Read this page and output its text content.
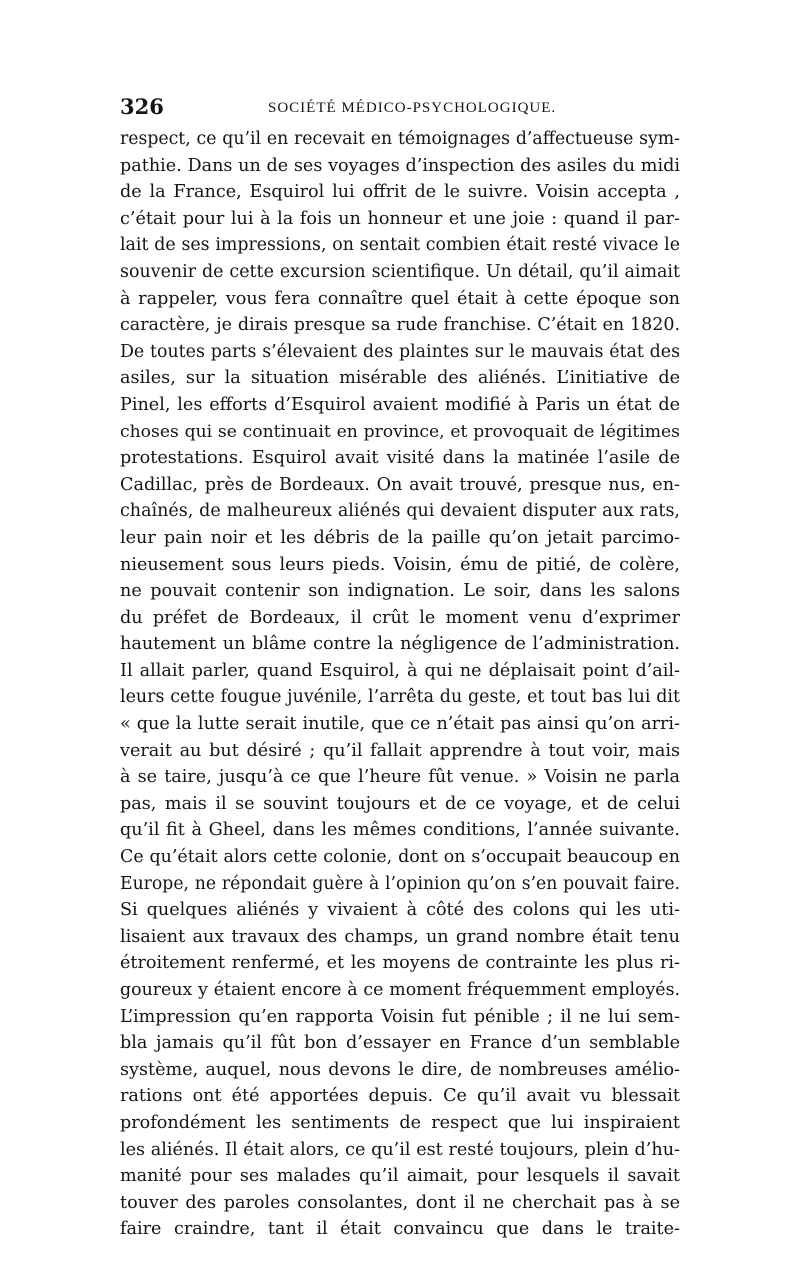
326	SOCIÉTÉ MÉDICO-PSYCHOLOGIQUE.
respect, ce qu’il en recevait en témoignages d’affectueuse sym-
pathie. Dans un de ses voyages d’inspection des asiles du midi
de la France, Esquirol lui offrit de le suivre. Voisin accepta ,
c’était pour lui à la fois un honneur et une joie : quand il par-
lait de ses impressions, on sentait combien était resté vivace le
souvenir de cette excursion scientifique. Un détail, qu’il aimait
à rappeler, vous fera connaître quel était à cette époque son
caractère, je dirais presque sa rude franchise. C’était en 1820.
De toutes parts s’élevaient des plaintes sur le mauvais état des
asiles, sur la situation misérable des aliénés. L’initiative de
Pinel, les efforts d’Esquirol avaient modifié à Paris un état de
choses qui se continuait en province, et provoquait de légitimes
protestations. Esquirol avait visité dans la matinée l’asile de
Cadillac, près de Bordeaux. On avait trouvé, presque nus, en-
chaînés, de malheureux aliénés qui devaient disputer aux rats,
leur pain noir et les débris de la paille qu’on jetait parcimo-
nieusement sous leurs pieds. Voisin, ému de pitié, de colère,
ne pouvait contenir son indignation. Le soir, dans les salons
du préfet de Bordeaux, il crût le moment venu d’exprimer
hautement un blâme contre la négligence de l’administration.
Il allait parler, quand Esquirol, à qui ne déplaisait point d’ail-
leurs cette fougue juvénile, l’arrêta du geste, et tout bas lui dit
« que la lutte serait inutile, que ce n’était pas ainsi qu’on arri-
verait au but désiré ; qu’il fallait apprendre à tout voir, mais
à se taire, jusqu’à ce que l’heure fût venue. » Voisin ne parla
pas, mais il se souvint toujours et de ce voyage, et de celui
qu’il fit à Gheel, dans les mêmes conditions, l’année suivante.
Ce qu’était alors cette colonie, dont on s’occupait beaucoup en
Europe, ne répondait guère à l’opinion qu’on s’en pouvait faire.
Si quelques aliénés y vivaient à côté des colons qui les uti-
lisaient aux travaux des champs, un grand nombre était tenu
étroitement renfermé, et les moyens de contrainte les plus ri-
goureux y étaient encore à ce moment fréquemment employés.
L’impression qu’en rapporta Voisin fut pénible ; il ne lui sem-
bla jamais qu’il fût bon d’essayer en France d’un semblable
système, auquel, nous devons le dire, de nombreuses amélio-
rations ont été apportées depuis. Ce qu’il avait vu blessait
profondément les sentiments de respect que lui inspiraient
les aliénés. Il était alors, ce qu’il est resté toujours, plein d’hu-
manité pour ses malades qu’il aimait, pour lesquels il savait
touver des paroles consolantes, dont il ne cherchait pas à se
faire craindre, tant il était convaincu que dans le traite-
